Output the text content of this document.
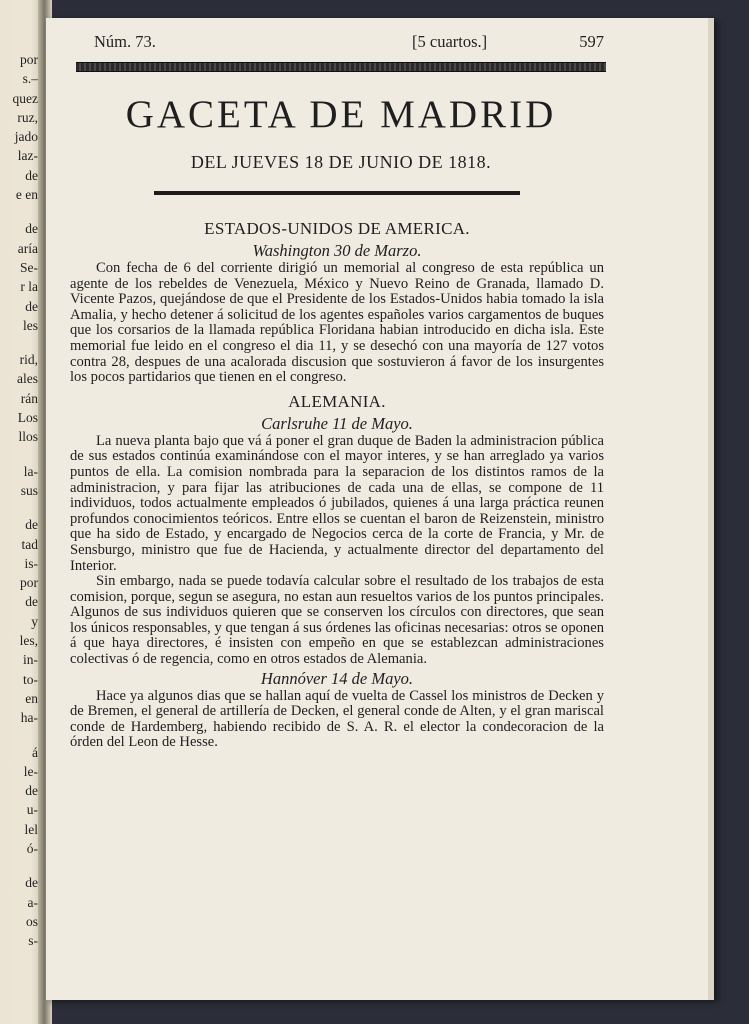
por
s.–
quez
ruz,
jado
laz-
de
e en
de
aría
Se-
r la
de
les
rid,
ales
rán
Los
llos
la-
sus
de
tad
is-
por
de
y
les,
in-
to-
en
ha-
á
le-
de
u-
lel
ó-
de
a-
os
s-
Núm. 73.	[5 cuartos.]	597
GACETA DE MADRID
DEL JUEVES 18 DE JUNIO DE 1818.

ESTADOS-UNIDOS DE AMERICA.

Washington 30 de Marzo.

Con fecha de 6 del corriente dirigió un memorial al congreso de esta república un agente de los rebeldes de Venezuela, México y Nuevo Reino de Granada, llamado D. Vicente Pazos, quejándose de que el Presidente de los Estados-Unidos habia tomado la isla Amalia, y hecho detener á solicitud de los agentes españoles varios cargamentos de buques que los corsarios de la llamada república Floridana habian introducido en dicha isla. Este memorial fue leido en el congreso el dia 11, y se desechó con una mayoría de 127 votos contra 28, despues de una acalorada discusion que sostuvieron á favor de los insurgentes los pocos partidarios que tienen en el congreso.

ALEMANIA.

Carlsruhe 11 de Mayo.

La nueva planta bajo que vá á poner el gran duque de Baden la administracion pública de sus estados continúa examinándose con el mayor interes, y se han arreglado ya varios puntos de ella. La comision nombrada para la separacion de los distintos ramos de la administracion, y para fijar las atribuciones de cada una de ellas, se compone de 11 individuos, todos actualmente empleados ó jubilados, quienes á una larga práctica reunen profundos conocimientos teóricos. Entre ellos se cuentan el baron de Reizenstein, ministro que ha sido de Estado, y encargado de Negocios cerca de la corte de Francia, y Mr. de Sensburgo, ministro que fue de Hacienda, y actualmente director del departamento del Interior.

Sin embargo, nada se puede todavía calcular sobre el resultado de los trabajos de esta comision, porque, segun se asegura, no estan aun resueltos varios de los puntos principales. Algunos de sus individuos quieren que se conserven los círculos con directores, que sean los únicos responsables, y que tengan á sus órdenes las oficinas necesarias: otros se oponen á que haya directores, é insisten con empeño en que se establezcan administraciones colectivas ó de regencia, como en otros estados de Alemania.

Hannóver 14 de Mayo.

Hace ya algunos dias que se hallan aquí de vuelta de Cassel los ministros de Decken y de Bremen, el general de artillería de Decken, el general conde de Alten, y el gran mariscal conde de Hardemberg, habiendo recibido de S. A. R. el elector la condecoracion de la órden del Leon de Hesse.
